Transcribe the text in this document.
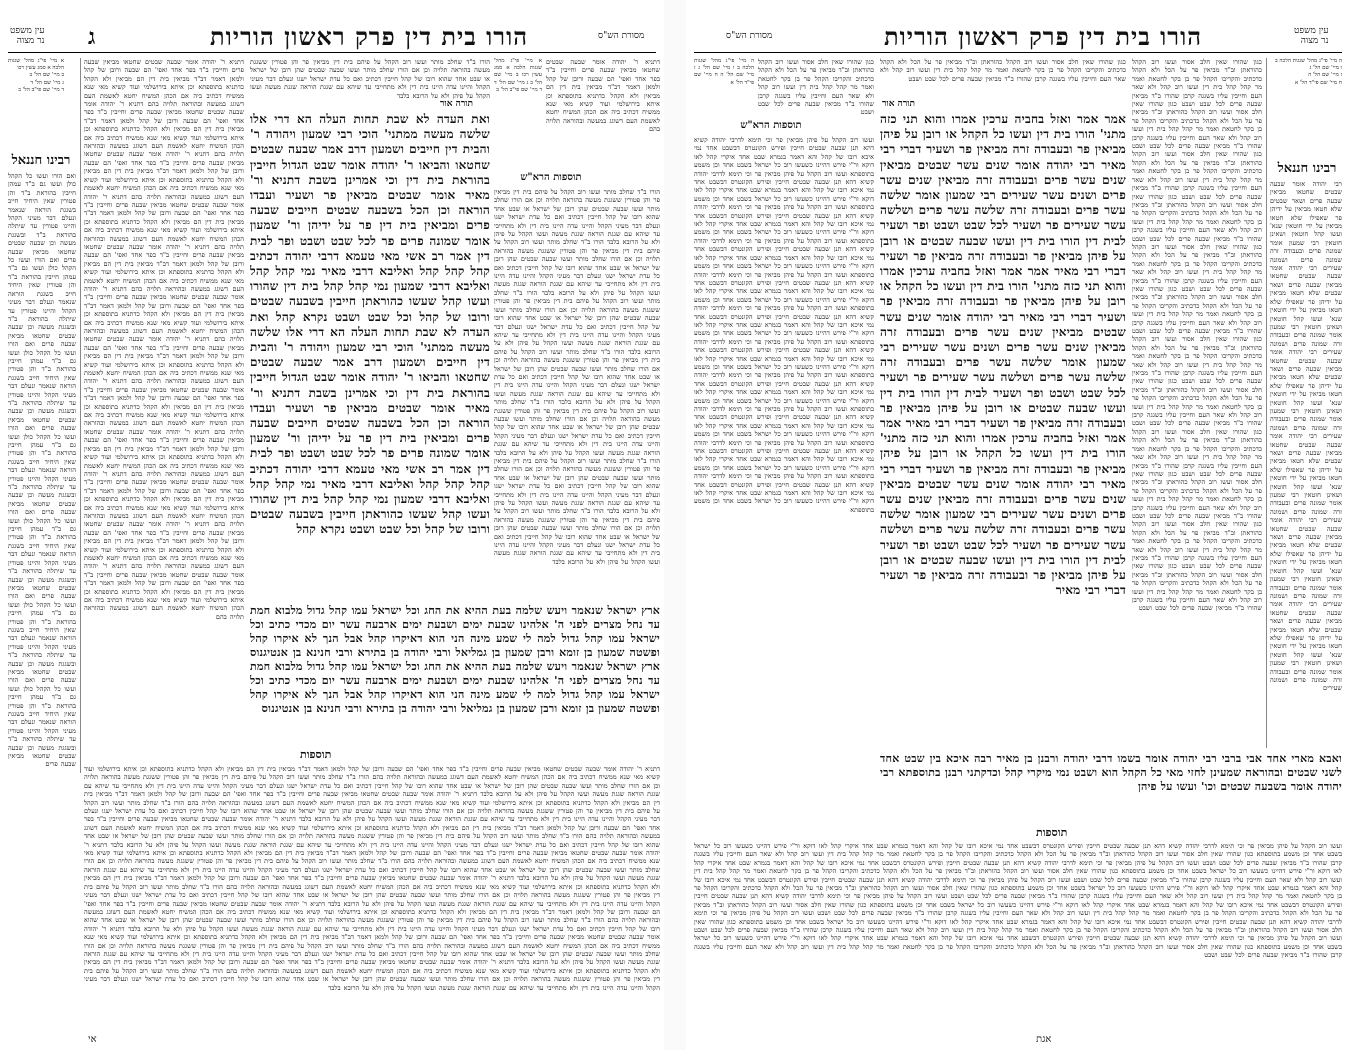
עין משפט
נר מצוה	ג	הורו בית דין פרק ראשון הוריות	מסורת הש"ס
א מיי' פי"ג מהל' שגגות הלכה א סמג עשין רכו
ב מיי' שם הל' ב
ג מיי' שם הל' ד
ד מיי' שם פי"ב הל' ב
רבינו חננאל
ואם הורו ועשו כל הקהל כולן ועשו גם ב"ד עמהן חייבין בהוראת ב"ד והן פטורין שאין היחיד חייב בשגגת הוראה שנאמר ונעלם דבר מעיני הקהל והיינו פטורין עד שיתלה בהוראת ב"ד ובשגגת מעשה וכן שבעה שבטים שחטאו מביאין שבעה פרים ואם הורו ועשו כל הקהל כולן ועשו גם ב"ד עמהן חייבין בהוראת ב"ד והן פטורין שאין היחיד חייב בשגגת הוראה שנאמר ונעלם דבר מעיני הקהל והיינו פטורין עד שיתלה בהוראת ב"ד ובשגגת מעשה וכן שבעה שבטים שחטאו מביאין שבעה פרים ואם הורו ועשו כל הקהל כולן ועשו גם ב"ד עמהן חייבין בהוראת ב"ד והן פטורין שאין היחיד חייב בשגגת הוראה שנאמר ונעלם דבר מעיני הקהל והיינו פטורין עד שיתלה בהוראת ב"ד ובשגגת מעשה וכן שבעה שבטים שחטאו מביאין שבעה פרים ואם הורו ועשו כל הקהל כולן ועשו גם ב"ד עמהן חייבין בהוראת ב"ד והן פטורין שאין היחיד חייב בשגגת הוראה שנאמר ונעלם דבר מעיני הקהל והיינו פטורין עד שיתלה בהוראת ב"ד ובשגגת מעשה וכן שבעה שבטים שחטאו מביאין שבעה פרים ואם הורו ועשו כל הקהל כולן ועשו גם ב"ד עמהן חייבין בהוראת ב"ד והן פטורין שאין היחיד חייב בשגגת הוראה שנאמר ונעלם דבר מעיני הקהל והיינו פטורין עד שיתלה בהוראת ב"ד ובשגגת מעשה וכן שבעה שבטים שחטאו מביאין שבעה פרים ואם הורו ועשו כל הקהל כולן ועשו גם ב"ד עמהן חייבין בהוראת ב"ד והן פטורין שאין היחיד חייב בשגגת הוראה שנאמר ונעלם דבר מעיני הקהל והיינו פטורין עד שיתלה בהוראת ב"ד ובשגגת מעשה וכן שבעה שבטים שחטאו מביאין שבעה פרים ואם הורו ועשו כל הקהל כולן ועשו גם ב"ד עמהן חייבין בהוראת ב"ד והן פטורין שאין היחיד חייב בשגגת הוראה שנאמר ונעלם דבר מעיני הקהל והיינו פטורין עד שיתלה בהוראת ב"ד ובשגגת מעשה וכן שבעה שבטים שחטאו מביאין שבעה פרים
דתניא ר' יהודה אומר שבעה שבטים שחטאו מביאין שבעה פרים וחייבין ב"ד בפר אחד ואפי' הם שבעה ורובן של קהל ולמאן דאמר דב"ד מביאין בית דין הם מביאין ולא הקהל כדתניא בתוספתא וכן איתא בירושלמי ועוד קשיא מאי שנא ממשיח דכתיב ביה אם הכהן המשיח יחטא לאשמת העם דשוגג במעשה ובהוראה תלויה בהם דתניא ר' יהודה אומר שבעה שבטים שחטאו מביאין שבעה פרים וחייבין ב"ד בפר אחד ואפי' הם שבעה ורובן של קהל ולמאן דאמר דב"ד מביאין בית דין הם מביאין ולא הקהל כדתניא בתוספתא וכן איתא בירושלמי ועוד קשיא מאי שנא ממשיח דכתיב ביה אם הכהן המשיח יחטא לאשמת העם דשוגג במעשה ובהוראה תלויה בהם דתניא ר' יהודה אומר שבעה שבטים שחטאו מביאין שבעה פרים וחייבין ב"ד בפר אחד ואפי' הם שבעה ורובן של קהל ולמאן דאמר דב"ד מביאין בית דין הם מביאין ולא הקהל כדתניא בתוספתא וכן איתא בירושלמי ועוד קשיא מאי שנא ממשיח דכתיב ביה אם הכהן המשיח יחטא לאשמת העם דשוגג במעשה ובהוראה תלויה בהם דתניא ר' יהודה אומר שבעה שבטים שחטאו מביאין שבעה פרים וחייבין ב"ד בפר אחד ואפי' הם שבעה ורובן של קהל ולמאן דאמר דב"ד מביאין בית דין הם מביאין ולא הקהל כדתניא בתוספתא וכן איתא בירושלמי ועוד קשיא מאי שנא ממשיח דכתיב ביה אם הכהן המשיח יחטא לאשמת העם דשוגג במעשה ובהוראה תלויה בהם דתניא ר' יהודה אומר שבעה שבטים שחטאו מביאין שבעה פרים וחייבין ב"ד בפר אחד ואפי' הם שבעה ורובן של קהל ולמאן דאמר דב"ד מביאין בית דין הם מביאין ולא הקהל כדתניא בתוספתא וכן איתא בירושלמי ועוד קשיא מאי שנא ממשיח דכתיב ביה אם הכהן המשיח יחטא לאשמת העם דשוגג במעשה ובהוראה תלויה בהם דתניא ר' יהודה אומר שבעה שבטים שחטאו מביאין שבעה פרים וחייבין ב"ד בפר אחד ואפי' הם שבעה ורובן של קהל ולמאן דאמר דב"ד מביאין בית דין הם מביאין ולא הקהל כדתניא בתוספתא וכן איתא בירושלמי ועוד קשיא מאי שנא ממשיח דכתיב ביה אם הכהן המשיח יחטא לאשמת העם דשוגג במעשה ובהוראה תלויה בהם דתניא ר' יהודה אומר שבעה שבטים שחטאו מביאין שבעה פרים וחייבין ב"ד בפר אחד ואפי' הם שבעה ורובן של קהל ולמאן דאמר דב"ד מביאין בית דין הם מביאין ולא הקהל כדתניא בתוספתא וכן איתא בירושלמי ועוד קשיא מאי שנא ממשיח דכתיב ביה אם הכהן המשיח יחטא לאשמת העם דשוגג במעשה ובהוראה תלויה בהם דתניא ר' יהודה אומר שבעה שבטים שחטאו מביאין שבעה פרים וחייבין ב"ד בפר אחד ואפי' הם שבעה ורובן של קהל ולמאן דאמר דב"ד מביאין בית דין הם מביאין ולא הקהל כדתניא בתוספתא וכן איתא בירושלמי ועוד קשיא מאי שנא ממשיח דכתיב ביה אם הכהן המשיח יחטא לאשמת העם דשוגג במעשה ובהוראה תלויה בהם דתניא ר' יהודה אומר שבעה שבטים שחטאו מביאין שבעה פרים וחייבין ב"ד בפר אחד ואפי' הם שבעה ורובן של קהל ולמאן דאמר דב"ד מביאין בית דין הם מביאין ולא הקהל כדתניא בתוספתא וכן איתא בירושלמי ועוד קשיא מאי שנא ממשיח דכתיב ביה אם הכהן המשיח יחטא לאשמת העם דשוגג במעשה ובהוראה תלויה בהם דתניא ר' יהודה אומר שבעה שבטים שחטאו מביאין שבעה פרים וחייבין ב"ד בפר אחד ואפי' הם שבעה ורובן של קהל ולמאן דאמר דב"ד מביאין בית דין הם מביאין ולא הקהל כדתניא בתוספתא וכן איתא בירושלמי ועוד קשיא מאי שנא ממשיח דכתיב ביה אם הכהן המשיח יחטא לאשמת העם דשוגג במעשה ובהוראה תלויה בהם דתניא ר' יהודה אומר שבעה שבטים שחטאו מביאין שבעה פרים וחייבין ב"ד בפר אחד ואפי' הם שבעה ורובן של קהל ולמאן דאמר דב"ד מביאין בית דין הם מביאין ולא הקהל כדתניא בתוספתא וכן איתא בירושלמי ועוד קשיא מאי שנא ממשיח דכתיב ביה אם הכהן המשיח יחטא לאשמת העם דשוגג במעשה ובהוראה תלויה בהם דתניא ר' יהודה אומר שבעה שבטים שחטאו מביאין שבעה פרים וחייבין ב"ד בפר אחד ואפי' הם שבעה ורובן של קהל ולמאן דאמר דב"ד מביאין בית דין הם מביאין ולא הקהל כדתניא בתוספתא וכן איתא בירושלמי ועוד קשיא מאי שנא ממשיח דכתיב ביה אם הכהן המשיח יחטא לאשמת העם דשוגג במעשה ובהוראה תלויה בהם
הורו ב"ד שחלב מותר ועשו רוב הקהל על פיהם בית דין מביאין פר והן פטורין ששגגת מעשה בהוראה תלויה וכן אם הורו שחלב מותר ועשו שבעה שבטים שהן רובן של ישראל או שבט אחד שהוא רובו של קהל חייבין דכתיב ואם כל עדת ישראל ישגו ונעלם דבר מעיני הקהל והיינו עדה היינו בית דין ולא מתחייבי עד שיהא עם שגגת הוראה שגגת מעשה ועשו הקהל על פיהן ולא על הרובא בלבד
ואת העדה לא שבת תחות העלה הא דרי אלו שלשה מעשה ממתני' הוכי רבי שמעון ויהודה ר' והבית דין חייבים ושמעון דרב אמר שבעה שבטים שחטאו והביאו ר' יהודה אומר שבט הגדול חייבין בהוראת בית דין וכי אמרינן בשבת דתניא ור' מאיר אומר שבטים מביאין פר ושעיר ועבדו הוראה וכן הכל בשבעה שבטים חייבים שבעה פרים ומביאין בית דין פר על ידיהן ור' שמעון אומר שמונה פרים פר לכל שבט ושבט ופר לבית דין אמר רב אשי מאי טעמא דרבי יהודה דכתיב קהל קהל קהל ואליבא דרבי מאיר נמי קהל קהל ואליבא דרבי שמעון נמי קהל קהל בית דין שהורו ועשו קהל שעשו כהוראתן חייבין בשבעה שבטים ורובו של קהל וכל שבט ושבט נקרא קהל ואת העדה לא שבת תחות העלה הא דרי אלו שלשה מעשה ממתני' הוכי רבי שמעון ויהודה ר' והבית דין חייבים ושמעון דרב אמר שבעה שבטים שחטאו והביאו ר' יהודה אומר שבט הגדול חייבין בהוראת בית דין וכי אמרינן בשבת דתניא ור' מאיר אומר שבטים מביאין פר ושעיר ועבדו הוראה וכן הכל בשבעה שבטים חייבים שבעה פרים ומביאין בית דין פר על ידיהן ור' שמעון אומר שמונה פרים פר לכל שבט ושבט ופר לבית דין אמר רב אשי מאי טעמא דרבי יהודה דכתיב קהל קהל קהל ואליבא דרבי מאיר נמי קהל קהל ואליבא דרבי שמעון נמי קהל קהל בית דין שהורו ועשו קהל שעשו כהוראתן חייבין בשבעה שבטים ורובו של קהל וכל שבט ושבט נקרא קהל
תורה אור
א מיי' פי"ג מהל' שגגות הלכה א סמג עשין רכו ב מיי' שם הל' ב ג מיי' שם הל' ד ד מיי' שם פי"ב הל' ב
תוספות הרא"ש
הורו ב"ד שחלב מותר ועשו רוב הקהל על פיהם בית דין מביאין פר והן פטורין ששגגת מעשה בהוראה תלויה וכן אם הורו שחלב מותר ועשו שבעה שבטים שהן רובן של ישראל או שבט אחד שהוא רובו של קהל חייבין דכתיב ואם כל עדת ישראל ישגו ונעלם דבר מעיני הקהל והיינו עדה היינו בית דין ולא מתחייבי עד שיהא עם שגגת הוראה שגגת מעשה ועשו הקהל על פיהן ולא על הרובא בלבד הורו ב"ד שחלב מותר ועשו רוב הקהל על פיהם בית דין מביאין פר והן פטורין ששגגת מעשה בהוראה תלויה וכן אם הורו שחלב מותר ועשו שבעה שבטים שהן רובן של ישראל או שבט אחד שהוא רובו של קהל חייבין דכתיב ואם כל עדת ישראל ישגו ונעלם דבר מעיני הקהל והיינו עדה היינו בית דין ולא מתחייבי עד שיהא עם שגגת הוראה שגגת מעשה ועשו הקהל על פיהן ולא על הרובא בלבד הורו ב"ד שחלב מותר ועשו רוב הקהל על פיהם בית דין מביאין פר והן פטורין ששגגת מעשה בהוראה תלויה וכן אם הורו שחלב מותר ועשו שבעה שבטים שהן רובן של ישראל או שבט אחד שהוא רובו של קהל חייבין דכתיב ואם כל עדת ישראל ישגו ונעלם דבר מעיני הקהל והיינו עדה היינו בית דין ולא מתחייבי עד שיהא עם שגגת הוראה שגגת מעשה ועשו הקהל על פיהן ולא על הרובא בלבד הורו ב"ד שחלב מותר ועשו רוב הקהל על פיהם בית דין מביאין פר והן פטורין ששגגת מעשה בהוראה תלויה וכן אם הורו שחלב מותר ועשו שבעה שבטים שהן רובן של ישראל או שבט אחד שהוא רובו של קהל חייבין דכתיב ואם כל עדת ישראל ישגו ונעלם דבר מעיני הקהל והיינו עדה היינו בית דין ולא מתחייבי עד שיהא עם שגגת הוראה שגגת מעשה ועשו הקהל על פיהן ולא על הרובא בלבד הורו ב"ד שחלב מותר ועשו רוב הקהל על פיהם בית דין מביאין פר והן פטורין ששגגת מעשה בהוראה תלויה וכן אם הורו שחלב מותר ועשו שבעה שבטים שהן רובן של ישראל או שבט אחד שהוא רובו של קהל חייבין דכתיב ואם כל עדת ישראל ישגו ונעלם דבר מעיני הקהל והיינו עדה היינו בית דין ולא מתחייבי עד שיהא עם שגגת הוראה שגגת מעשה ועשו הקהל על פיהן ולא על הרובא בלבד הורו ב"ד שחלב מותר ועשו רוב הקהל על פיהם בית דין מביאין פר והן פטורין ששגגת מעשה בהוראה תלויה וכן אם הורו שחלב מותר ועשו שבעה שבטים שהן רובן של ישראל או שבט אחד שהוא רובו של קהל חייבין דכתיב ואם כל עדת ישראל ישגו ונעלם דבר מעיני הקהל והיינו עדה היינו בית דין ולא מתחייבי עד שיהא עם שגגת הוראה שגגת מעשה ועשו הקהל על פיהן ולא על הרובא בלבד הורו ב"ד שחלב מותר ועשו רוב הקהל על פיהם בית דין מביאין פר והן פטורין ששגגת מעשה בהוראה תלויה וכן אם הורו שחלב מותר ועשו שבעה שבטים שהן רובן של ישראל או שבט אחד שהוא רובו של קהל חייבין דכתיב ואם כל עדת ישראל ישגו ונעלם דבר מעיני הקהל והיינו עדה היינו בית דין ולא מתחייבי עד שיהא עם שגגת הוראה שגגת מעשה ועשו הקהל על פיהן ולא על הרובא בלבד
דתניא ר' יהודה אומר שבעה שבטים שחטאו מביאין שבעה פרים וחייבין ב"ד בפר אחד ואפי' הם שבעה ורובן של קהל ולמאן דאמר דב"ד מביאין בית דין הם מביאין ולא הקהל כדתניא בתוספתא וכן איתא בירושלמי ועוד קשיא מאי שנא ממשיח דכתיב ביה אם הכהן המשיח יחטא לאשמת העם דשוגג במעשה ובהוראה תלויה בהם
ארץ ישראל שנאמר ויעש שלמה בעת ההיא את החג וכל ישראל עמו קהל גדול מלבוא חמת עד נחל מצרים לפני ה' אלהינו שבעת ימים ושבעת ימים ארבעה עשר יום מכדי כתיב וכל ישראל עמו קהל גדול למה לי שמע מינה הני הוא דאיקרו קהל אבל הנך לא איקרו קהל ופשטה שמעון בן זומא ורבן שמעון בן גמליאל ורבי יהודה בן בתירא ורבי חנינא בן אנטיגנוס ארץ ישראל שנאמר ויעש שלמה בעת ההיא את החג וכל ישראל עמו קהל גדול מלבוא חמת עד נחל מצרים לפני ה' אלהינו שבעת ימים ושבעת ימים ארבעה עשר יום מכדי כתיב וכל ישראל עמו קהל גדול למה לי שמע מינה הני הוא דאיקרו קהל אבל הנך לא איקרו קהל ופשטה שמעון בן זומא ורבן שמעון בן גמליאל ורבי יהודה בן בתירא ורבי חנינא בן אנטיגנוס
תוספות
דתניא ר' יהודה אומר שבעה שבטים שחטאו מביאין שבעה פרים וחייבין ב"ד בפר אחד ואפי' הם שבעה ורובן של קהל ולמאן דאמר דב"ד מביאין בית דין הם מביאין ולא הקהל כדתניא בתוספתא וכן איתא בירושלמי ועוד קשיא מאי שנא ממשיח דכתיב ביה אם הכהן המשיח יחטא לאשמת העם דשוגג במעשה ובהוראה תלויה בהם הורו ב"ד שחלב מותר ועשו רוב הקהל על פיהם בית דין מביאין פר והן פטורין ששגגת מעשה בהוראה תלויה וכן אם הורו שחלב מותר ועשו שבעה שבטים שהן רובן של ישראל או שבט אחד שהוא רובו של קהל חייבין דכתיב ואם כל עדת ישראל ישגו ונעלם דבר מעיני הקהל והיינו עדה היינו בית דין ולא מתחייבי עד שיהא עם שגגת הוראה שגגת מעשה ועשו הקהל על פיהן ולא על הרובא בלבד דתניא ר' יהודה אומר שבעה שבטים שחטאו מביאין שבעה פרים וחייבין ב"ד בפר אחד ואפי' הם שבעה ורובן של קהל ולמאן דאמר דב"ד מביאין בית דין הם מביאין ולא הקהל כדתניא בתוספתא וכן איתא בירושלמי ועוד קשיא מאי שנא ממשיח דכתיב ביה אם הכהן המשיח יחטא לאשמת העם דשוגג במעשה ובהוראה תלויה בהם הורו ב"ד שחלב מותר ועשו רוב הקהל על פיהם בית דין מביאין פר והן פטורין ששגגת מעשה בהוראה תלויה וכן אם הורו שחלב מותר ועשו שבעה שבטים שהן רובן של ישראל או שבט אחד שהוא רובו של קהל חייבין דכתיב ואם כל עדת ישראל ישגו ונעלם דבר מעיני הקהל והיינו עדה היינו בית דין ולא מתחייבי עד שיהא עם שגגת הוראה שגגת מעשה ועשו הקהל על פיהן ולא על הרובא בלבד דתניא ר' יהודה אומר שבעה שבטים שחטאו מביאין שבעה פרים וחייבין ב"ד בפר אחד ואפי' הם שבעה ורובן של קהל ולמאן דאמר דב"ד מביאין בית דין הם מביאין ולא הקהל כדתניא בתוספתא וכן איתא בירושלמי ועוד קשיא מאי שנא ממשיח דכתיב ביה אם הכהן המשיח יחטא לאשמת העם דשוגג במעשה ובהוראה תלויה בהם הורו ב"ד שחלב מותר ועשו רוב הקהל על פיהם בית דין מביאין פר והן פטורין ששגגת מעשה בהוראה תלויה וכן אם הורו שחלב מותר ועשו שבעה שבטים שהן רובן של ישראל או שבט אחד שהוא רובו של קהל חייבין דכתיב ואם כל עדת ישראל ישגו ונעלם דבר מעיני הקהל והיינו עדה היינו בית דין ולא מתחייבי עד שיהא עם שגגת הוראה שגגת מעשה ועשו הקהל על פיהן ולא על הרובא בלבד דתניא ר' יהודה אומר שבעה שבטים שחטאו מביאין שבעה פרים וחייבין ב"ד בפר אחד ואפי' הם שבעה ורובן של קהל ולמאן דאמר דב"ד מביאין בית דין הם מביאין ולא הקהל כדתניא בתוספתא וכן איתא בירושלמי ועוד קשיא מאי שנא ממשיח דכתיב ביה אם הכהן המשיח יחטא לאשמת העם דשוגג במעשה ובהוראה תלויה בהם הורו ב"ד שחלב מותר ועשו רוב הקהל על פיהם בית דין מביאין פר והן פטורין ששגגת מעשה בהוראה תלויה וכן אם הורו שחלב מותר ועשו שבעה שבטים שהן רובן של ישראל או שבט אחד שהוא רובו של קהל חייבין דכתיב ואם כל עדת ישראל ישגו ונעלם דבר מעיני הקהל והיינו עדה היינו בית דין ולא מתחייבי עד שיהא עם שגגת הוראה שגגת מעשה ועשו הקהל על פיהן ולא על הרובא בלבד דתניא ר' יהודה אומר שבעה שבטים שחטאו מביאין שבעה פרים וחייבין ב"ד בפר אחד ואפי' הם שבעה ורובן של קהל ולמאן דאמר דב"ד מביאין בית דין הם מביאין ולא הקהל כדתניא בתוספתא וכן איתא בירושלמי ועוד קשיא מאי שנא ממשיח דכתיב ביה אם הכהן המשיח יחטא לאשמת העם דשוגג במעשה ובהוראה תלויה בהם הורו ב"ד שחלב מותר ועשו רוב הקהל על פיהם בית דין מביאין פר והן פטורין ששגגת מעשה בהוראה תלויה וכן אם הורו שחלב מותר ועשו שבעה שבטים שהן רובן של ישראל או שבט אחד שהוא רובו של קהל חייבין דכתיב ואם כל עדת ישראל ישגו ונעלם דבר מעיני הקהל והיינו עדה היינו בית דין ולא מתחייבי עד שיהא עם שגגת הוראה שגגת מעשה ועשו הקהל על פיהן ולא על הרובא בלבד דתניא ר' יהודה אומר שבעה שבטים שחטאו מביאין שבעה פרים וחייבין ב"ד בפר אחד ואפי' הם שבעה ורובן של קהל ולמאן דאמר דב"ד מביאין בית דין הם מביאין ולא הקהל כדתניא בתוספתא וכן איתא בירושלמי ועוד קשיא מאי שנא ממשיח דכתיב ביה אם הכהן המשיח יחטא לאשמת העם דשוגג במעשה ובהוראה תלויה בהם הורו ב"ד שחלב מותר ועשו רוב הקהל על פיהם בית דין מביאין פר והן פטורין ששגגת מעשה בהוראה תלויה וכן אם הורו שחלב מותר ועשו שבעה שבטים שהן רובן של ישראל או שבט אחד שהוא רובו של קהל חייבין דכתיב ואם כל עדת ישראל ישגו ונעלם דבר מעיני הקהל והיינו עדה היינו בית דין ולא מתחייבי עד שיהא עם שגגת הוראה שגגת מעשה ועשו הקהל על פיהן ולא על הרובא בלבד דתניא ר' יהודה אומר שבעה שבטים שחטאו מביאין שבעה פרים וחייבין ב"ד בפר אחד ואפי' הם שבעה ורובן של קהל ולמאן דאמר דב"ד מביאין בית דין הם מביאין ולא הקהל כדתניא בתוספתא וכן איתא בירושלמי ועוד קשיא מאי שנא ממשיח דכתיב ביה אם הכהן המשיח יחטא לאשמת העם דשוגג במעשה ובהוראה תלויה בהם הורו ב"ד שחלב מותר ועשו רוב הקהל על פיהם בית דין מביאין פר והן פטורין ששגגת מעשה בהוראה תלויה וכן אם הורו שחלב מותר ועשו שבעה שבטים שהן רובן של ישראל או שבט אחד שהוא רובו של קהל חייבין דכתיב ואם כל עדת ישראל ישגו ונעלם דבר מעיני הקהל והיינו עדה היינו בית דין ולא מתחייבי עד שיהא עם שגגת הוראה שגגת מעשה ועשו הקהל על פיהן ולא על הרובא בלבד דתניא ר' יהודה אומר שבעה שבטים שחטאו מביאין שבעה פרים וחייבין ב"ד בפר אחד ואפי' הם שבעה ורובן של קהל ולמאן דאמר דב"ד מביאין בית דין הם מביאין ולא הקהל כדתניא בתוספתא וכן איתא בירושלמי ועוד קשיא מאי שנא ממשיח דכתיב ביה אם הכהן המשיח יחטא לאשמת העם דשוגג במעשה ובהוראה תלויה בהם הורו ב"ד שחלב מותר ועשו רוב הקהל על פיהם בית דין מביאין פר והן פטורין ששגגת מעשה בהוראה תלויה וכן אם הורו שחלב מותר ועשו שבעה שבטים שהן רובן של ישראל או שבט אחד שהוא רובו של קהל חייבין דכתיב ואם כל עדת ישראל ישגו ונעלם דבר מעיני הקהל והיינו עדה היינו בית דין ולא מתחייבי עד שיהא עם שגגת הוראה שגגת מעשה ועשו הקהל על פיהן ולא על הרובא בלבד
אי
מסורת הש"ס	הורו בית דין פרק ראשון הוריות	עין משפט
נר מצוה
ה מיי' פי"ג מהל' שגגות הלכה ב ו מיי' שם הל' ג ז מיי' שם הל' ה ח מיי' שם פי"ד הל' א
תוספות הרא"ש
ועשו רוב הקהל על פיהן מביאין פר וכי תימא לדרבי יהודה קשיא דהא תנן שבעה שבטים חייבין ופירש הקונטרס דבשבט אחד נמי איכא רובו של קהל והא דאמר בגמרא שבט אחד איקרי קהל לאו דוקא ור"י פירש דהיינו כשעשו רוב כל ישראל בשבט אחד וכן משמע בתוספתא ועשו רוב הקהל על פיהן מביאין פר וכי תימא לדרבי יהודה קשיא דהא תנן שבעה שבטים חייבין ופירש הקונטרס דבשבט אחד נמי איכא רובו של קהל והא דאמר בגמרא שבט אחד איקרי קהל לאו דוקא ור"י פירש דהיינו כשעשו רוב כל ישראל בשבט אחד וכן משמע בתוספתא ועשו רוב הקהל על פיהן מביאין פר וכי תימא לדרבי יהודה קשיא דהא תנן שבעה שבטים חייבין ופירש הקונטרס דבשבט אחד נמי איכא רובו של קהל והא דאמר בגמרא שבט אחד איקרי קהל לאו דוקא ור"י פירש דהיינו כשעשו רוב כל ישראל בשבט אחד וכן משמע בתוספתא ועשו רוב הקהל על פיהן מביאין פר וכי תימא לדרבי יהודה קשיא דהא תנן שבעה שבטים חייבין ופירש הקונטרס דבשבט אחד נמי איכא רובו של קהל והא דאמר בגמרא שבט אחד איקרי קהל לאו דוקא ור"י פירש דהיינו כשעשו רוב כל ישראל בשבט אחד וכן משמע בתוספתא ועשו רוב הקהל על פיהן מביאין פר וכי תימא לדרבי יהודה קשיא דהא תנן שבעה שבטים חייבין ופירש הקונטרס דבשבט אחד נמי איכא רובו של קהל והא דאמר בגמרא שבט אחד איקרי קהל לאו דוקא ור"י פירש דהיינו כשעשו רוב כל ישראל בשבט אחד וכן משמע בתוספתא ועשו רוב הקהל על פיהן מביאין פר וכי תימא לדרבי יהודה קשיא דהא תנן שבעה שבטים חייבין ופירש הקונטרס דבשבט אחד נמי איכא רובו של קהל והא דאמר בגמרא שבט אחד איקרי קהל לאו דוקא ור"י פירש דהיינו כשעשו רוב כל ישראל בשבט אחד וכן משמע בתוספתא ועשו רוב הקהל על פיהן מביאין פר וכי תימא לדרבי יהודה קשיא דהא תנן שבעה שבטים חייבין ופירש הקונטרס דבשבט אחד נמי איכא רובו של קהל והא דאמר בגמרא שבט אחד איקרי קהל לאו דוקא ור"י פירש דהיינו כשעשו רוב כל ישראל בשבט אחד וכן משמע בתוספתא ועשו רוב הקהל על פיהן מביאין פר וכי תימא לדרבי יהודה קשיא דהא תנן שבעה שבטים חייבין ופירש הקונטרס דבשבט אחד נמי איכא רובו של קהל והא דאמר בגמרא שבט אחד איקרי קהל לאו דוקא ור"י פירש דהיינו כשעשו רוב כל ישראל בשבט אחד וכן משמע בתוספתא ועשו רוב הקהל על פיהן מביאין פר וכי תימא לדרבי יהודה קשיא דהא תנן שבעה שבטים חייבין ופירש הקונטרס דבשבט אחד נמי איכא רובו של קהל והא דאמר בגמרא שבט אחד איקרי קהל לאו דוקא ור"י פירש דהיינו כשעשו רוב כל ישראל בשבט אחד וכן משמע בתוספתא ועשו רוב הקהל על פיהן מביאין פר וכי תימא לדרבי יהודה קשיא דהא תנן שבעה שבטים חייבין ופירש הקונטרס דבשבט אחד נמי איכא רובו של קהל והא דאמר בגמרא שבט אחד איקרי קהל לאו דוקא ור"י פירש דהיינו כשעשו רוב כל ישראל בשבט אחד וכן משמע בתוספתא ועשו רוב הקהל על פיהן מביאין פר וכי תימא לדרבי יהודה קשיא דהא תנן שבעה שבטים חייבין ופירש הקונטרס דבשבט אחד נמי איכא רובו של קהל והא דאמר בגמרא שבט אחד איקרי קהל לאו דוקא ור"י פירש דהיינו כשעשו רוב כל ישראל בשבט אחד וכן משמע בתוספתא
כגון שהורו שאין חלב אסור ועשו רוב הקהל כהוראתן וב"ד מביאין פר על הכל ולא הקהל כדכתיב והקריבו הקהל פר בן בקר לחטאת ואמר מר קהל קהל בית דין ועשו רוב קהל ולא שאר העם וחייבין עליו בשגגה קרבן שהורו ב"ד מביאין שבעה פרים לכל שבט ושבט
כגון שהורו שאין חלב אסור ועשו רוב הקהל כהוראתן וב"ד מביאין פר על הכל ולא הקהל כדכתיב והקריבו הקהל פר בן בקר לחטאת ואמר מר קהל קהל בית דין ועשו רוב קהל ולא שאר העם וחייבין עליו בשגגה קרבן שהורו ב"ד מביאין שבעה פרים לכל שבט ושבט
תורה אור
אמר אמר ואזל בחביה ערכין אמרו והוא תני כזה מתני' הורו בית דין ועשו כל הקהל או רובן על פיהן מביאין פר ובעבודה זרה מביאין פר ושעיר דברי רבי מאיר רבי יהודה אומר שנים עשר שבטים מביאין שנים עשר פרים ובעבודה זרה מביאין שנים עשר פרים ושנים עשר שעירים רבי שמעון אומר שלשה עשר פרים ובעבודה זרה שלשה עשר פרים ושלשה עשר שעירים פר ושעיר לכל שבט ושבט ופר ושעיר לבית דין הורו בית דין ועשו שבעה שבטים או רובן על פיהן מביאין פר ובעבודה זרה מביאין פר ושעיר דברי רבי מאיר אמר אמר ואזל בחביה ערכין אמרו והוא תני כזה מתני' הורו בית דין ועשו כל הקהל או רובן על פיהן מביאין פר ובעבודה זרה מביאין פר ושעיר דברי רבי מאיר רבי יהודה אומר שנים עשר שבטים מביאין שנים עשר פרים ובעבודה זרה מביאין שנים עשר פרים ושנים עשר שעירים רבי שמעון אומר שלשה עשר פרים ובעבודה זרה שלשה עשר פרים ושלשה עשר שעירים פר ושעיר לכל שבט ושבט ופר ושעיר לבית דין הורו בית דין ועשו שבעה שבטים או רובן על פיהן מביאין פר ובעבודה זרה מביאין פר ושעיר דברי רבי מאיר אמר אמר ואזל בחביה ערכין אמרו והוא תני כזה מתני' הורו בית דין ועשו כל הקהל או רובן על פיהן מביאין פר ובעבודה זרה מביאין פר ושעיר דברי רבי מאיר רבי יהודה אומר שנים עשר שבטים מביאין שנים עשר פרים ובעבודה זרה מביאין שנים עשר פרים ושנים עשר שעירים רבי שמעון אומר שלשה עשר פרים ובעבודה זרה שלשה עשר פרים ושלשה עשר שעירים פר ושעיר לכל שבט ושבט ופר ושעיר לבית דין הורו בית דין ועשו שבעה שבטים או רובן על פיהן מביאין פר ובעבודה זרה מביאין פר ושעיר דברי רבי מאיר
כגון שהורו שאין חלב אסור ועשו רוב הקהל כהוראתן וב"ד מביאין פר על הכל ולא הקהל כדכתיב והקריבו הקהל פר בן בקר לחטאת ואמר מר קהל קהל בית דין ועשו רוב קהל ולא שאר העם וחייבין עליו בשגגה קרבן שהורו ב"ד מביאין שבעה פרים לכל שבט ושבט כגון שהורו שאין חלב אסור ועשו רוב הקהל כהוראתן וב"ד מביאין פר על הכל ולא הקהל כדכתיב והקריבו הקהל פר בן בקר לחטאת ואמר מר קהל קהל בית דין ועשו רוב קהל ולא שאר העם וחייבין עליו בשגגה קרבן שהורו ב"ד מביאין שבעה פרים לכל שבט ושבט כגון שהורו שאין חלב אסור ועשו רוב הקהל כהוראתן וב"ד מביאין פר על הכל ולא הקהל כדכתיב והקריבו הקהל פר בן בקר לחטאת ואמר מר קהל קהל בית דין ועשו רוב קהל ולא שאר העם וחייבין עליו בשגגה קרבן שהורו ב"ד מביאין שבעה פרים לכל שבט ושבט כגון שהורו שאין חלב אסור ועשו רוב הקהל כהוראתן וב"ד מביאין פר על הכל ולא הקהל כדכתיב והקריבו הקהל פר בן בקר לחטאת ואמר מר קהל קהל בית דין ועשו רוב קהל ולא שאר העם וחייבין עליו בשגגה קרבן שהורו ב"ד מביאין שבעה פרים לכל שבט ושבט כגון שהורו שאין חלב אסור ועשו רוב הקהל כהוראתן וב"ד מביאין פר על הכל ולא הקהל כדכתיב והקריבו הקהל פר בן בקר לחטאת ואמר מר קהל קהל בית דין ועשו רוב קהל ולא שאר העם וחייבין עליו בשגגה קרבן שהורו ב"ד מביאין שבעה פרים לכל שבט ושבט כגון שהורו שאין חלב אסור ועשו רוב הקהל כהוראתן וב"ד מביאין פר על הכל ולא הקהל כדכתיב והקריבו הקהל פר בן בקר לחטאת ואמר מר קהל קהל בית דין ועשו רוב קהל ולא שאר העם וחייבין עליו בשגגה קרבן שהורו ב"ד מביאין שבעה פרים לכל שבט ושבט כגון שהורו שאין חלב אסור ועשו רוב הקהל כהוראתן וב"ד מביאין פר על הכל ולא הקהל כדכתיב והקריבו הקהל פר בן בקר לחטאת ואמר מר קהל קהל בית דין ועשו רוב קהל ולא שאר העם וחייבין עליו בשגגה קרבן שהורו ב"ד מביאין שבעה פרים לכל שבט ושבט כגון שהורו שאין חלב אסור ועשו רוב הקהל כהוראתן וב"ד מביאין פר על הכל ולא הקהל כדכתיב והקריבו הקהל פר בן בקר לחטאת ואמר מר קהל קהל בית דין ועשו רוב קהל ולא שאר העם וחייבין עליו בשגגה קרבן שהורו ב"ד מביאין שבעה פרים לכל שבט ושבט כגון שהורו שאין חלב אסור ועשו רוב הקהל כהוראתן וב"ד מביאין פר על הכל ולא הקהל כדכתיב והקריבו הקהל פר בן בקר לחטאת ואמר מר קהל קהל בית דין ועשו רוב קהל ולא שאר העם וחייבין עליו בשגגה קרבן שהורו ב"ד מביאין שבעה פרים לכל שבט ושבט כגון שהורו שאין חלב אסור ועשו רוב הקהל כהוראתן וב"ד מביאין פר על הכל ולא הקהל כדכתיב והקריבו הקהל פר בן בקר לחטאת ואמר מר קהל קהל בית דין ועשו רוב קהל ולא שאר העם וחייבין עליו בשגגה קרבן שהורו ב"ד מביאין שבעה פרים לכל שבט ושבט כגון שהורו שאין חלב אסור ועשו רוב הקהל כהוראתן וב"ד מביאין פר על הכל ולא הקהל כדכתיב והקריבו הקהל פר בן בקר לחטאת ואמר מר קהל קהל בית דין ועשו רוב קהל ולא שאר העם וחייבין עליו בשגגה קרבן שהורו ב"ד מביאין שבעה פרים לכל שבט ושבט כגון שהורו שאין חלב אסור ועשו רוב הקהל כהוראתן וב"ד מביאין פר על הכל ולא הקהל כדכתיב והקריבו הקהל פר בן בקר לחטאת ואמר מר קהל קהל בית דין ועשו רוב קהל ולא שאר העם וחייבין עליו בשגגה קרבן שהורו ב"ד מביאין שבעה פרים לכל שבט ושבט
ה מיי' פי"ג מהל' שגגות הלכה ב
ו מיי' שם הל' ג
ז מיי' שם הל' ה
ח מיי' שם פי"ד הל' א
רבינו חננאל
רבי יהודה אומר שבעה שבטים שחטאו מביאין שבעה פרים ושאר שבטים שלא חטאו מביאין על ידיהן פר שאפילו שלא חטאו מביאין על ידי חוטאין שנא' ועשו קהל חוטאין ושאינן חוטאין רבי שמעון אומר שמונה פרים ובעבודה זרה שמונה פרים ושמונה שעירים רבי יהודה אומר שבעה שבטים שחטאו מביאין שבעה פרים ושאר שבטים שלא חטאו מביאין על ידיהן פר שאפילו שלא חטאו מביאין על ידי חוטאין שנא' ועשו קהל חוטאין ושאינן חוטאין רבי שמעון אומר שמונה פרים ובעבודה זרה שמונה פרים ושמונה שעירים רבי יהודה אומר שבעה שבטים שחטאו מביאין שבעה פרים ושאר שבטים שלא חטאו מביאין על ידיהן פר שאפילו שלא חטאו מביאין על ידי חוטאין שנא' ועשו קהל חוטאין ושאינן חוטאין רבי שמעון אומר שמונה פרים ובעבודה זרה שמונה פרים ושמונה שעירים רבי יהודה אומר שבעה שבטים שחטאו מביאין שבעה פרים ושאר שבטים שלא חטאו מביאין על ידיהן פר שאפילו שלא חטאו מביאין על ידי חוטאין שנא' ועשו קהל חוטאין ושאינן חוטאין רבי שמעון אומר שמונה פרים ובעבודה זרה שמונה פרים ושמונה שעירים רבי יהודה אומר שבעה שבטים שחטאו מביאין שבעה פרים ושאר שבטים שלא חטאו מביאין על ידיהן פר שאפילו שלא חטאו מביאין על ידי חוטאין שנא' ועשו קהל חוטאין ושאינן חוטאין רבי שמעון אומר שמונה פרים ובעבודה זרה שמונה פרים ושמונה שעירים רבי יהודה אומר שבעה שבטים שחטאו מביאין שבעה פרים ושאר שבטים שלא חטאו מביאין על ידיהן פר שאפילו שלא חטאו מביאין על ידי חוטאין שנא' ועשו קהל חוטאין ושאינן חוטאין רבי שמעון אומר שמונה פרים ובעבודה זרה שמונה פרים ושמונה שעירים
ואבא מארי אחד אבי ברבי רבי יהודה אומר בשמו דרבי יהודה ורבנן בן מאיר רבה איכא בין שבט אחד לשני שבטים ובהוראה שמעינן לחזי מאי כל הקהל הוא ושבט נמי מיקרי קהל וכדקתני רבנן בתוספתא רבי יהודה אומר בשבעה שבטים וכו' ועשו על פיהן
תוספות
ועשו רוב הקהל על פיהן מביאין פר וכי תימא לדרבי יהודה קשיא דהא תנן שבעה שבטים חייבין ופירש הקונטרס דבשבט אחד נמי איכא רובו של קהל והא דאמר בגמרא שבט אחד איקרי קהל לאו דוקא ור"י פירש דהיינו כשעשו רוב כל ישראל בשבט אחד וכן משמע בתוספתא כגון שהורו שאין חלב אסור ועשו רוב הקהל כהוראתן וב"ד מביאין פר על הכל ולא הקהל כדכתיב והקריבו הקהל פר בן בקר לחטאת ואמר מר קהל קהל בית דין ועשו רוב קהל ולא שאר העם וחייבין עליו בשגגה קרבן שהורו ב"ד מביאין שבעה פרים לכל שבט ושבט ועשו רוב הקהל על פיהן מביאין פר וכי תימא לדרבי יהודה קשיא דהא תנן שבעה שבטים חייבין ופירש הקונטרס דבשבט אחד נמי איכא רובו של קהל והא דאמר בגמרא שבט אחד איקרי קהל לאו דוקא ור"י פירש דהיינו כשעשו רוב כל ישראל בשבט אחד וכן משמע בתוספתא כגון שהורו שאין חלב אסור ועשו רוב הקהל כהוראתן וב"ד מביאין פר על הכל ולא הקהל כדכתיב והקריבו הקהל פר בן בקר לחטאת ואמר מר קהל קהל בית דין ועשו רוב קהל ולא שאר העם וחייבין עליו בשגגה קרבן שהורו ב"ד מביאין שבעה פרים לכל שבט ושבט ועשו רוב הקהל על פיהן מביאין פר וכי תימא לדרבי יהודה קשיא דהא תנן שבעה שבטים חייבין ופירש הקונטרס דבשבט אחד נמי איכא רובו של קהל והא דאמר בגמרא שבט אחד איקרי קהל לאו דוקא ור"י פירש דהיינו כשעשו רוב כל ישראל בשבט אחד וכן משמע בתוספתא כגון שהורו שאין חלב אסור ועשו רוב הקהל כהוראתן וב"ד מביאין פר על הכל ולא הקהל כדכתיב והקריבו הקהל פר בן בקר לחטאת ואמר מר קהל קהל בית דין ועשו רוב קהל ולא שאר העם וחייבין עליו בשגגה קרבן שהורו ב"ד מביאין שבעה פרים לכל שבט ושבט ועשו רוב הקהל על פיהן מביאין פר וכי תימא לדרבי יהודה קשיא דהא תנן שבעה שבטים חייבין ופירש הקונטרס דבשבט אחד נמי איכא רובו של קהל והא דאמר בגמרא שבט אחד איקרי קהל לאו דוקא ור"י פירש דהיינו כשעשו רוב כל ישראל בשבט אחד וכן משמע בתוספתא כגון שהורו שאין חלב אסור ועשו רוב הקהל כהוראתן וב"ד מביאין פר על הכל ולא הקהל כדכתיב והקריבו הקהל פר בן בקר לחטאת ואמר מר קהל קהל בית דין ועשו רוב קהל ולא שאר העם וחייבין עליו בשגגה קרבן שהורו ב"ד מביאין שבעה פרים לכל שבט ושבט ועשו רוב הקהל על פיהן מביאין פר וכי תימא לדרבי יהודה קשיא דהא תנן שבעה שבטים חייבין ופירש הקונטרס דבשבט אחד נמי איכא רובו של קהל והא דאמר בגמרא שבט אחד איקרי קהל לאו דוקא ור"י פירש דהיינו כשעשו רוב כל ישראל בשבט אחד וכן משמע בתוספתא כגון שהורו שאין חלב אסור ועשו רוב הקהל כהוראתן וב"ד מביאין פר על הכל ולא הקהל כדכתיב והקריבו הקהל פר בן בקר לחטאת ואמר מר קהל קהל בית דין ועשו רוב קהל ולא שאר העם וחייבין עליו בשגגה קרבן שהורו ב"ד מביאין שבעה פרים לכל שבט ושבט ועשו רוב הקהל על פיהן מביאין פר וכי תימא לדרבי יהודה קשיא דהא תנן שבעה שבטים חייבין ופירש הקונטרס דבשבט אחד נמי איכא רובו של קהל והא דאמר בגמרא שבט אחד איקרי קהל לאו דוקא ור"י פירש דהיינו כשעשו רוב כל ישראל בשבט אחד וכן משמע בתוספתא כגון שהורו שאין חלב אסור ועשו רוב הקהל כהוראתן וב"ד מביאין פר על הכל ולא הקהל כדכתיב והקריבו הקהל פר בן בקר לחטאת ואמר מר קהל קהל בית דין ועשו רוב קהל ולא שאר העם וחייבין עליו בשגגה קרבן שהורו ב"ד מביאין שבעה פרים לכל שבט ושבט
אגת
